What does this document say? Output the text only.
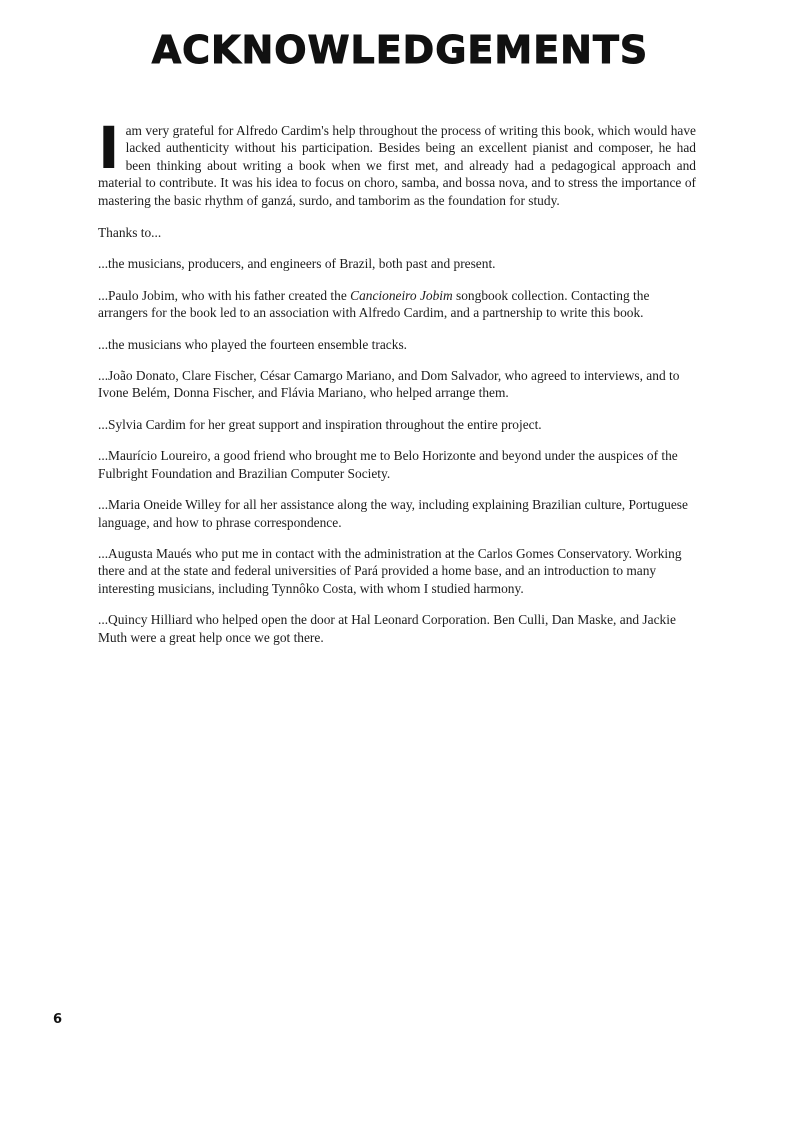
ACKNOWLEDGEMENTS

Iam very grateful for Alfredo Cardim's help throughout the process of writing this book, which would have lacked authenticity without his participation. Besides being an excellent pianist and composer, he had been thinking about writing a book when we first met, and already had a pedagogical approach and material to contribute. It was his idea to focus on choro, samba, and bossa nova, and to stress the importance of mastering the basic rhythm of ganzá, surdo, and tamborim as the foundation for study.

Thanks to...

...the musicians, producers, and engineers of Brazil, both past and present.

...Paulo Jobim, who with his father created the Cancioneiro Jobim songbook collection. Contacting the arrangers for the book led to an association with Alfredo Cardim, and a partnership to write this book.

...the musicians who played the fourteen ensemble tracks.

...João Donato, Clare Fischer, César Camargo Mariano, and Dom Salvador, who agreed to interviews, and to Ivone Belém, Donna Fischer, and Flávia Mariano, who helped arrange them.

...Sylvia Cardim for her great support and inspiration throughout the entire project.

...Maurício Loureiro, a good friend who brought me to Belo Horizonte and beyond under the auspices of the Fulbright Foundation and Brazilian Computer Society.

...Maria Oneide Willey for all her assistance along the way, including explaining Brazilian culture, Portuguese language, and how to phrase correspondence.

...Augusta Maués who put me in contact with the administration at the Carlos Gomes Conservatory. Working there and at the state and federal universities of Pará provided a home base, and an introduction to many interesting musicians, including Tynnôko Costa, with whom I studied harmony.

...Quincy Hilliard who helped open the door at Hal Leonard Corporation. Ben Culli, Dan Maske, and Jackie Muth were a great help once we got there.

6
